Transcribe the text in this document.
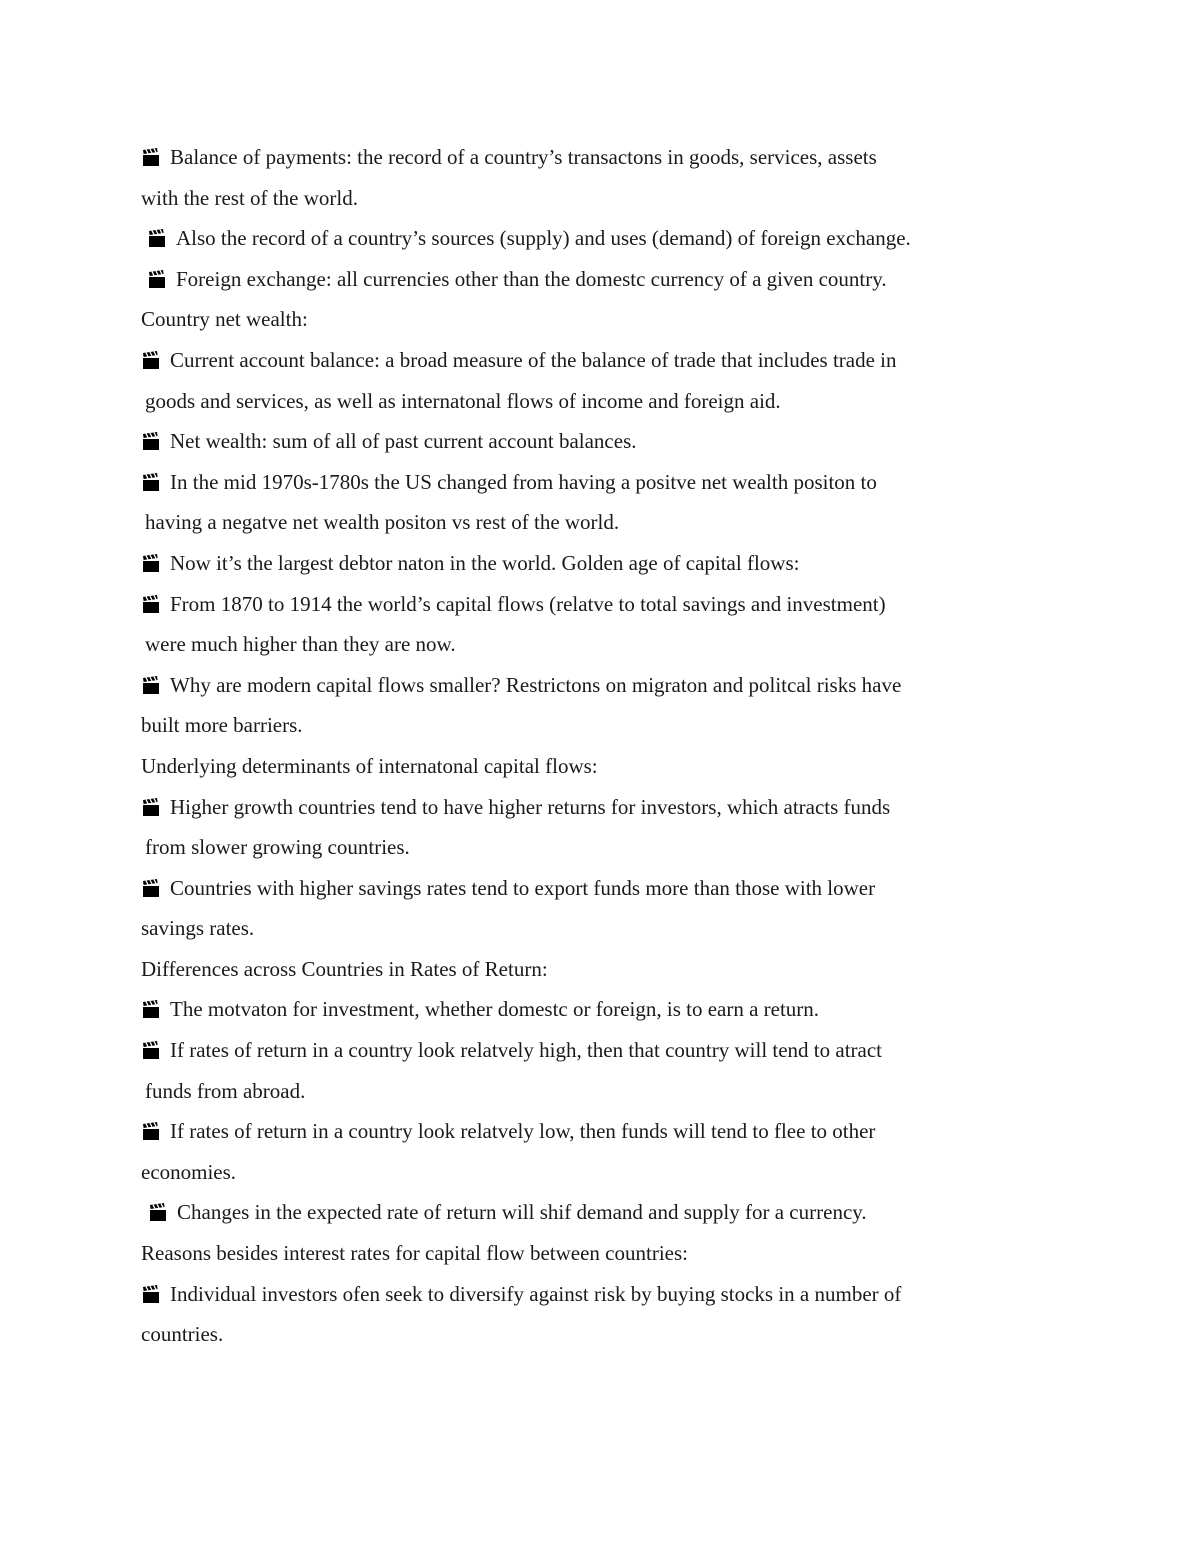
Balance of payments: the record of a country’s transactons in goods, services, assets
with the rest of the world.
Also the record of a country’s sources (supply) and uses (demand) of foreign exchange.
Foreign exchange: all currencies other than the domestc currency of a given country.
Country net wealth:
Current account balance: a broad measure of the balance of trade that includes trade in
goods and services, as well as internatonal flows of income and foreign aid.
Net wealth: sum of all of past current account balances.
In the mid 1970s-1780s the US changed from having a positve net wealth positon to
having a negatve net wealth positon vs rest of the world.
Now it’s the largest debtor naton in the world. Golden age of capital flows:
From 1870 to 1914 the world’s capital flows (relatve to total savings and investment)
were much higher than they are now.
Why are modern capital flows smaller? Restrictons on migraton and politcal risks have
built more barriers.
Underlying determinants of internatonal capital flows:
Higher growth countries tend to have higher returns for investors, which atracts funds
from slower growing countries.
Countries with higher savings rates tend to export funds more than those with lower
savings rates.
Differences across Countries in Rates of Return:
The motvaton for investment, whether domestc or foreign, is to earn a return.
If rates of return in a country look relatvely high, then that country will tend to atract
funds from abroad.
If rates of return in a country look relatvely low, then funds will tend to flee to other
economies.
Changes in the expected rate of return will shif demand and supply for a currency.
Reasons besides interest rates for capital flow between countries:
Individual investors ofen seek to diversify against risk by buying stocks in a number of
countries.
